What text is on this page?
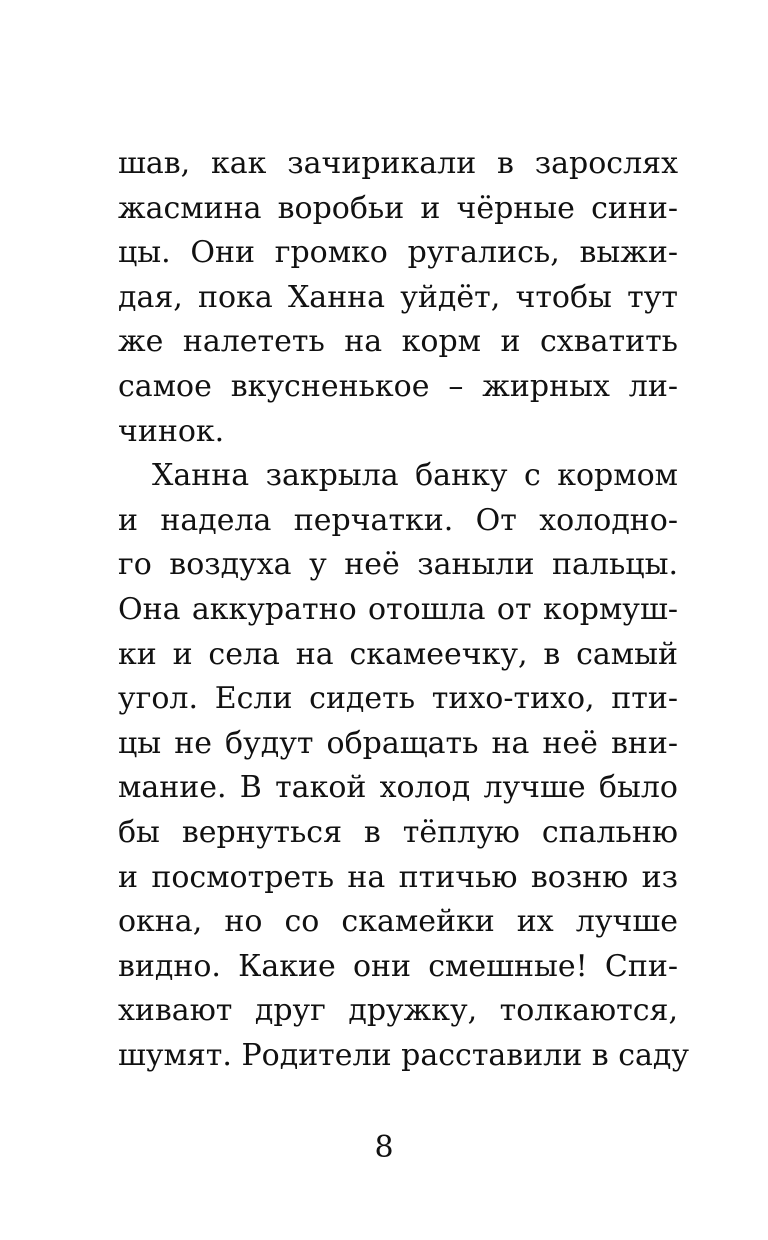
шав, как зачирикали в зарослях
жасмина воробьи и чёрные сини-
цы. Они громко ругались, выжи-
дая, пока Ханна уйдёт, чтобы тут
же налететь на корм и схватить
самое вкусненькое – жирных ли-
чинок.
Ханна закрыла банку с кормом
и надела перчатки. От холодно-
го воздуха у неё заныли пальцы.
Она аккуратно отошла от кормуш-
ки и села на скамеечку, в самый
угол. Если сидеть тихо-тихо, пти-
цы не будут обращать на неё вни-
мание. В такой холод лучше было
бы вернуться в тёплую спальню
и посмотреть на птичью возню из
окна, но со скамейки их лучше
видно. Какие они смешные! Спи-
хивают друг дружку, толкаются,
шумят. Родители расставили в саду
8
